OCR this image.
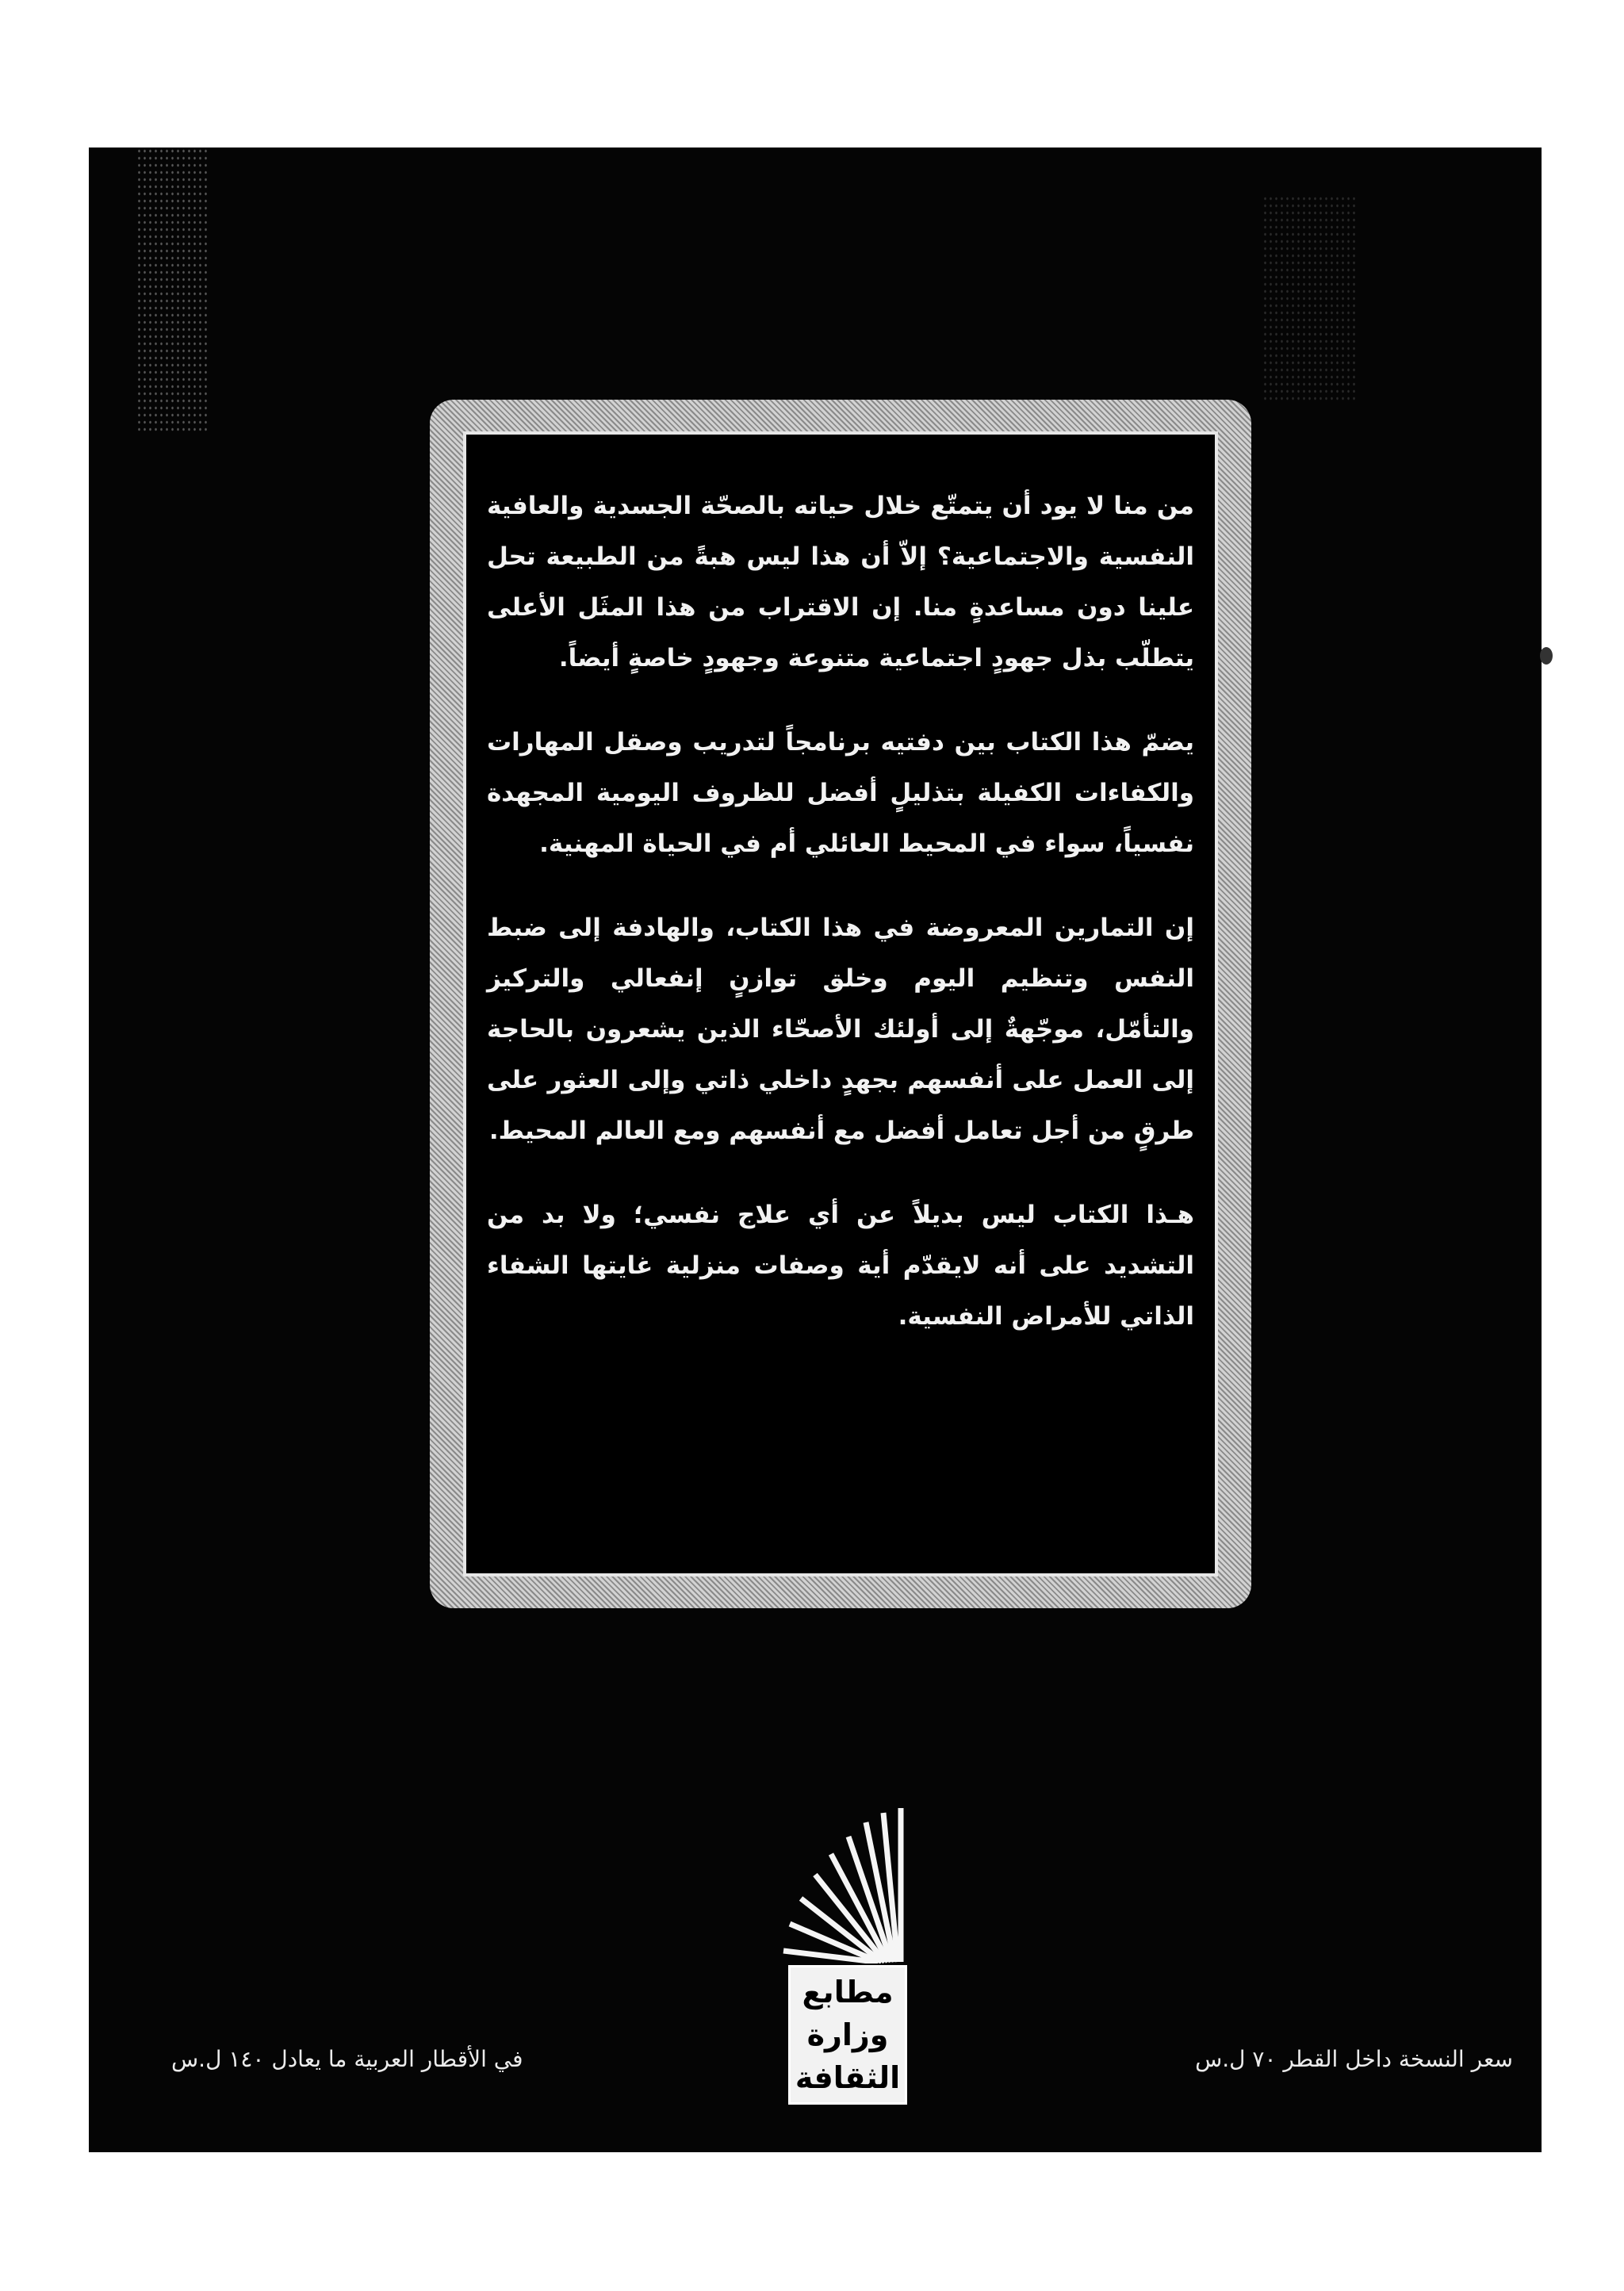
من منا لا يود أن يتمتّع خلال حياته بالصحّة الجسدية والعافية النفسية والاجتماعية؟ إلاّ أن هذا ليس هبةً من الطبيعة تحل علينا دون مساعدةٍ منا. إن الاقتراب من هذا المثَل الأعلى يتطلّب بذل جهودٍ اجتماعية متنوعة وجهودٍ خاصةٍ أيضاً.

يضمّ هذا الكتاب بين دفتيه برنامجاً لتدريب وصقل المهارات والكفاءات الكفيلة بتذليلٍ أفضل للظروف اليومية المجهدة نفسياً، سواء في المحيط العائلي أم في الحياة المهنية.

إن التمارين المعروضة في هذا الكتاب، والهادفة إلى ضبط النفس وتنظيم اليوم وخلق توازنٍ إنفعالي والتركيز والتأمّل، موجّهةٌ إلى أولئك الأصحّاء الذين يشعرون بالحاجة إلى العمل على أنفسهم بجهدٍ داخلي ذاتي وإلى العثور على طرقٍ من أجل تعامل أفضل مع أنفسهم ومع العالم المحيط.

هـذا الكتاب ليس بديلاً عن أي علاج نفسي؛ ولا بد من التشديد على أنه لايقدّم أية وصفات منزلية غايتها الشفاء الذاتي للأمراض النفسية.

مطابع
وزارة
الثقافة
سعر النسخة داخل القطر ٧٠ ل.س
في الأقطار العربية ما يعادل ١٤٠ ل.س
